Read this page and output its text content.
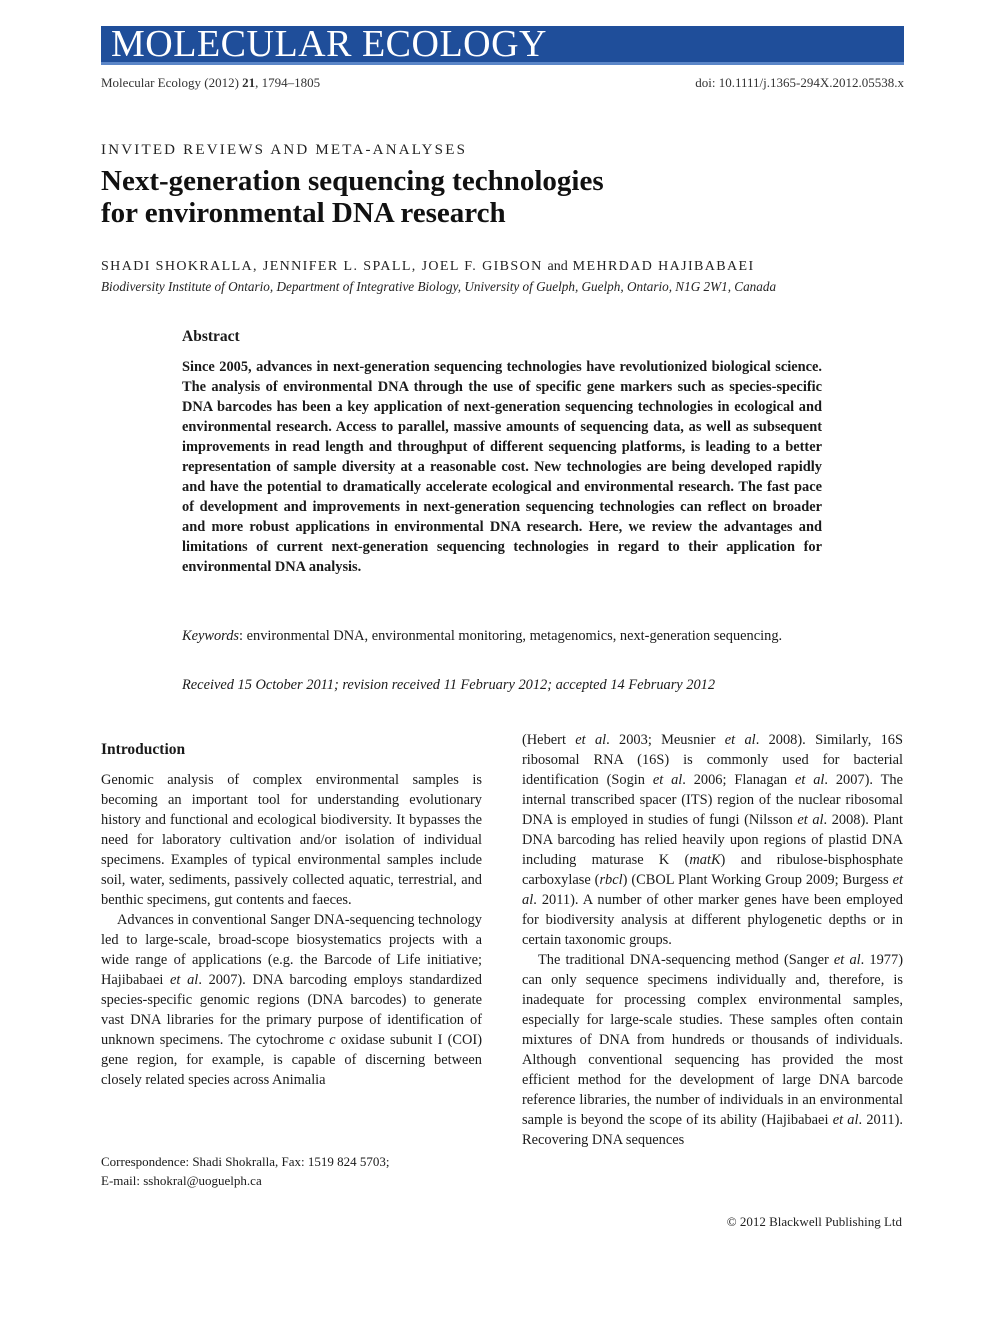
MOLECULAR ECOLOGY
Molecular Ecology (2012) 21, 1794–1805	doi: 10.1111/j.1365-294X.2012.05538.x
INVITED REVIEWS AND META-ANALYSES
Next-generation sequencing technologies
for environmental DNA research
SHADI SHOKRALLA, JENNIFER L. SPALL, JOEL F. GIBSON and MEHRDAD HAJIBABAEI
Biodiversity Institute of Ontario, Department of Integrative Biology, University of Guelph, Guelph, Ontario, N1G 2W1, Canada
Abstract

Since 2005, advances in next-generation sequencing technologies have revolutionized biological science. The analysis of environmental DNA through the use of specific gene markers such as species-specific DNA barcodes has been a key application of next-generation sequencing technologies in ecological and environmental research. Access to parallel, massive amounts of sequencing data, as well as subsequent improvements in read length and throughput of different sequencing platforms, is leading to a better representation of sample diversity at a reasonable cost. New technologies are being developed rapidly and have the potential to dramatically accelerate ecological and environmental research. The fast pace of development and improvements in next-generation sequencing technologies can reflect on broader and more robust applications in environmental DNA research. Here, we review the advantages and limitations of current next-generation sequencing technologies in regard to their application for environmental DNA analysis.

Keywords: environmental DNA, environmental monitoring, metagenomics, next-generation sequencing.

Received 15 October 2011; revision received 11 February 2012; accepted 14 February 2012
Introduction

Genomic analysis of complex environmental samples is becoming an important tool for understanding evolutionary history and functional and ecological biodiversity. It bypasses the need for laboratory cultivation and/or isolation of individual specimens. Examples of typical environmental samples include soil, water, sediments, passively collected aquatic, terrestrial, and benthic specimens, gut contents and faeces.

Advances in conventional Sanger DNA-sequencing technology led to large-scale, broad-scope biosystematics projects with a wide range of applications (e.g. the Barcode of Life initiative; Hajibabaei et al. 2007). DNA barcoding employs standardized species-specific genomic regions (DNA barcodes) to generate vast DNA libraries for the primary purpose of identification of unknown specimens. The cytochrome c oxidase subunit I (COI) gene region, for example, is capable of discerning between closely related species across Animalia

Correspondence: Shadi Shokralla, Fax: 1519 824 5703;
E-mail: sshokral@uoguelph.ca

(Hebert et al. 2003; Meusnier et al. 2008). Similarly, 16S ribosomal RNA (16S) is commonly used for bacterial identification (Sogin et al. 2006; Flanagan et al. 2007). The internal transcribed spacer (ITS) region of the nuclear ribosomal DNA is employed in studies of fungi (Nilsson et al. 2008). Plant DNA barcoding has relied heavily upon regions of plastid DNA including maturase K (matK) and ribulose-bisphosphate carboxylase (rbcl) (CBOL Plant Working Group 2009; Burgess et al. 2011). A number of other marker genes have been employed for biodiversity analysis at different phylogenetic depths or in certain taxonomic groups.

The traditional DNA-sequencing method (Sanger et al. 1977) can only sequence specimens individually and, therefore, is inadequate for processing complex environmental samples, especially for large-scale studies. These samples often contain mixtures of DNA from hundreds or thousands of individuals. Although conventional sequencing has provided the most efficient method for the development of large DNA barcode reference libraries, the number of individuals in an environmental sample is beyond the scope of its ability (Hajibabaei et al. 2011). Recovering DNA sequences

© 2012 Blackwell Publishing Ltd
